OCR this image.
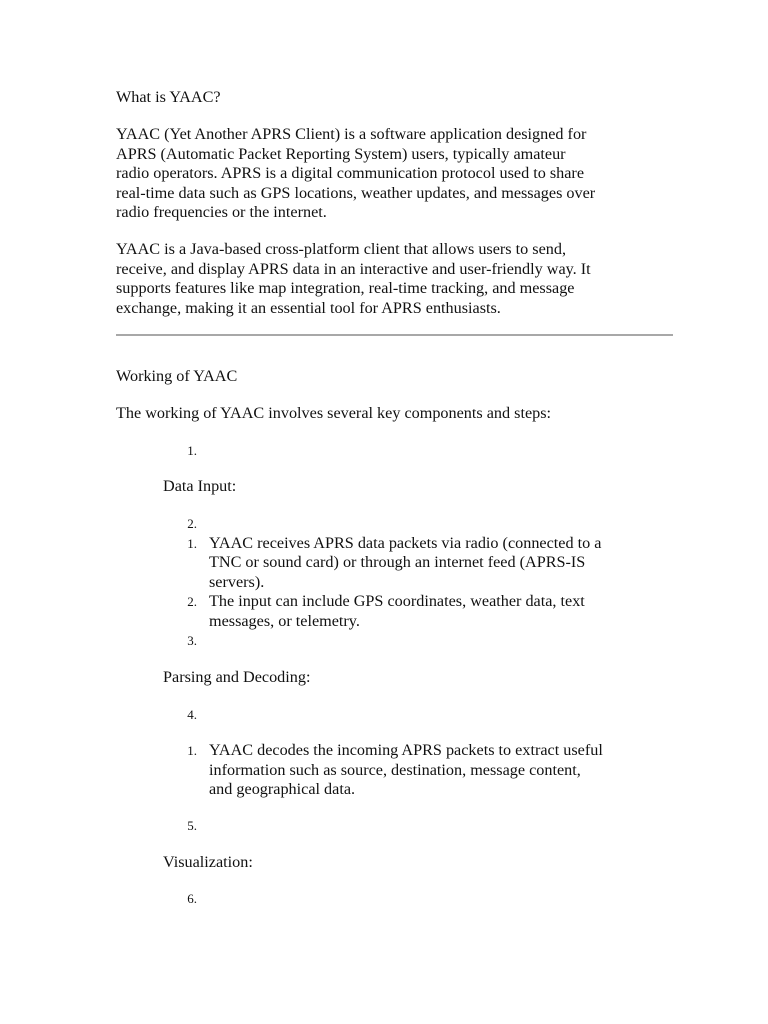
What is YAAC?

YAAC (Yet Another APRS Client) is a software application designed for

APRS (Automatic Packet Reporting System) users, typically amateur

radio operators. APRS is a digital communication protocol used to share

real-time data such as GPS locations, weather updates, and messages over

radio frequencies or the internet.

YAAC is a Java-based cross-platform client that allows users to send,

receive, and display APRS data in an interactive and user-friendly way. It

supports features like map integration, real-time tracking, and message

exchange, making it an essential tool for APRS enthusiasts.

Working of YAAC

The working of YAAC involves several key components and steps:

1.

Data Input:

2.
1. YAAC receives APRS data packets via radio (connected to a

TNC or sound card) or through an internet feed (APRS-IS

servers).

2. The input can include GPS coordinates, weather data, text

messages, or telemetry.

3.

Parsing and Decoding:

4.
1. YAAC decodes the incoming APRS packets to extract useful

information such as source, destination, message content,

and geographical data.

5.

Visualization:

6.
